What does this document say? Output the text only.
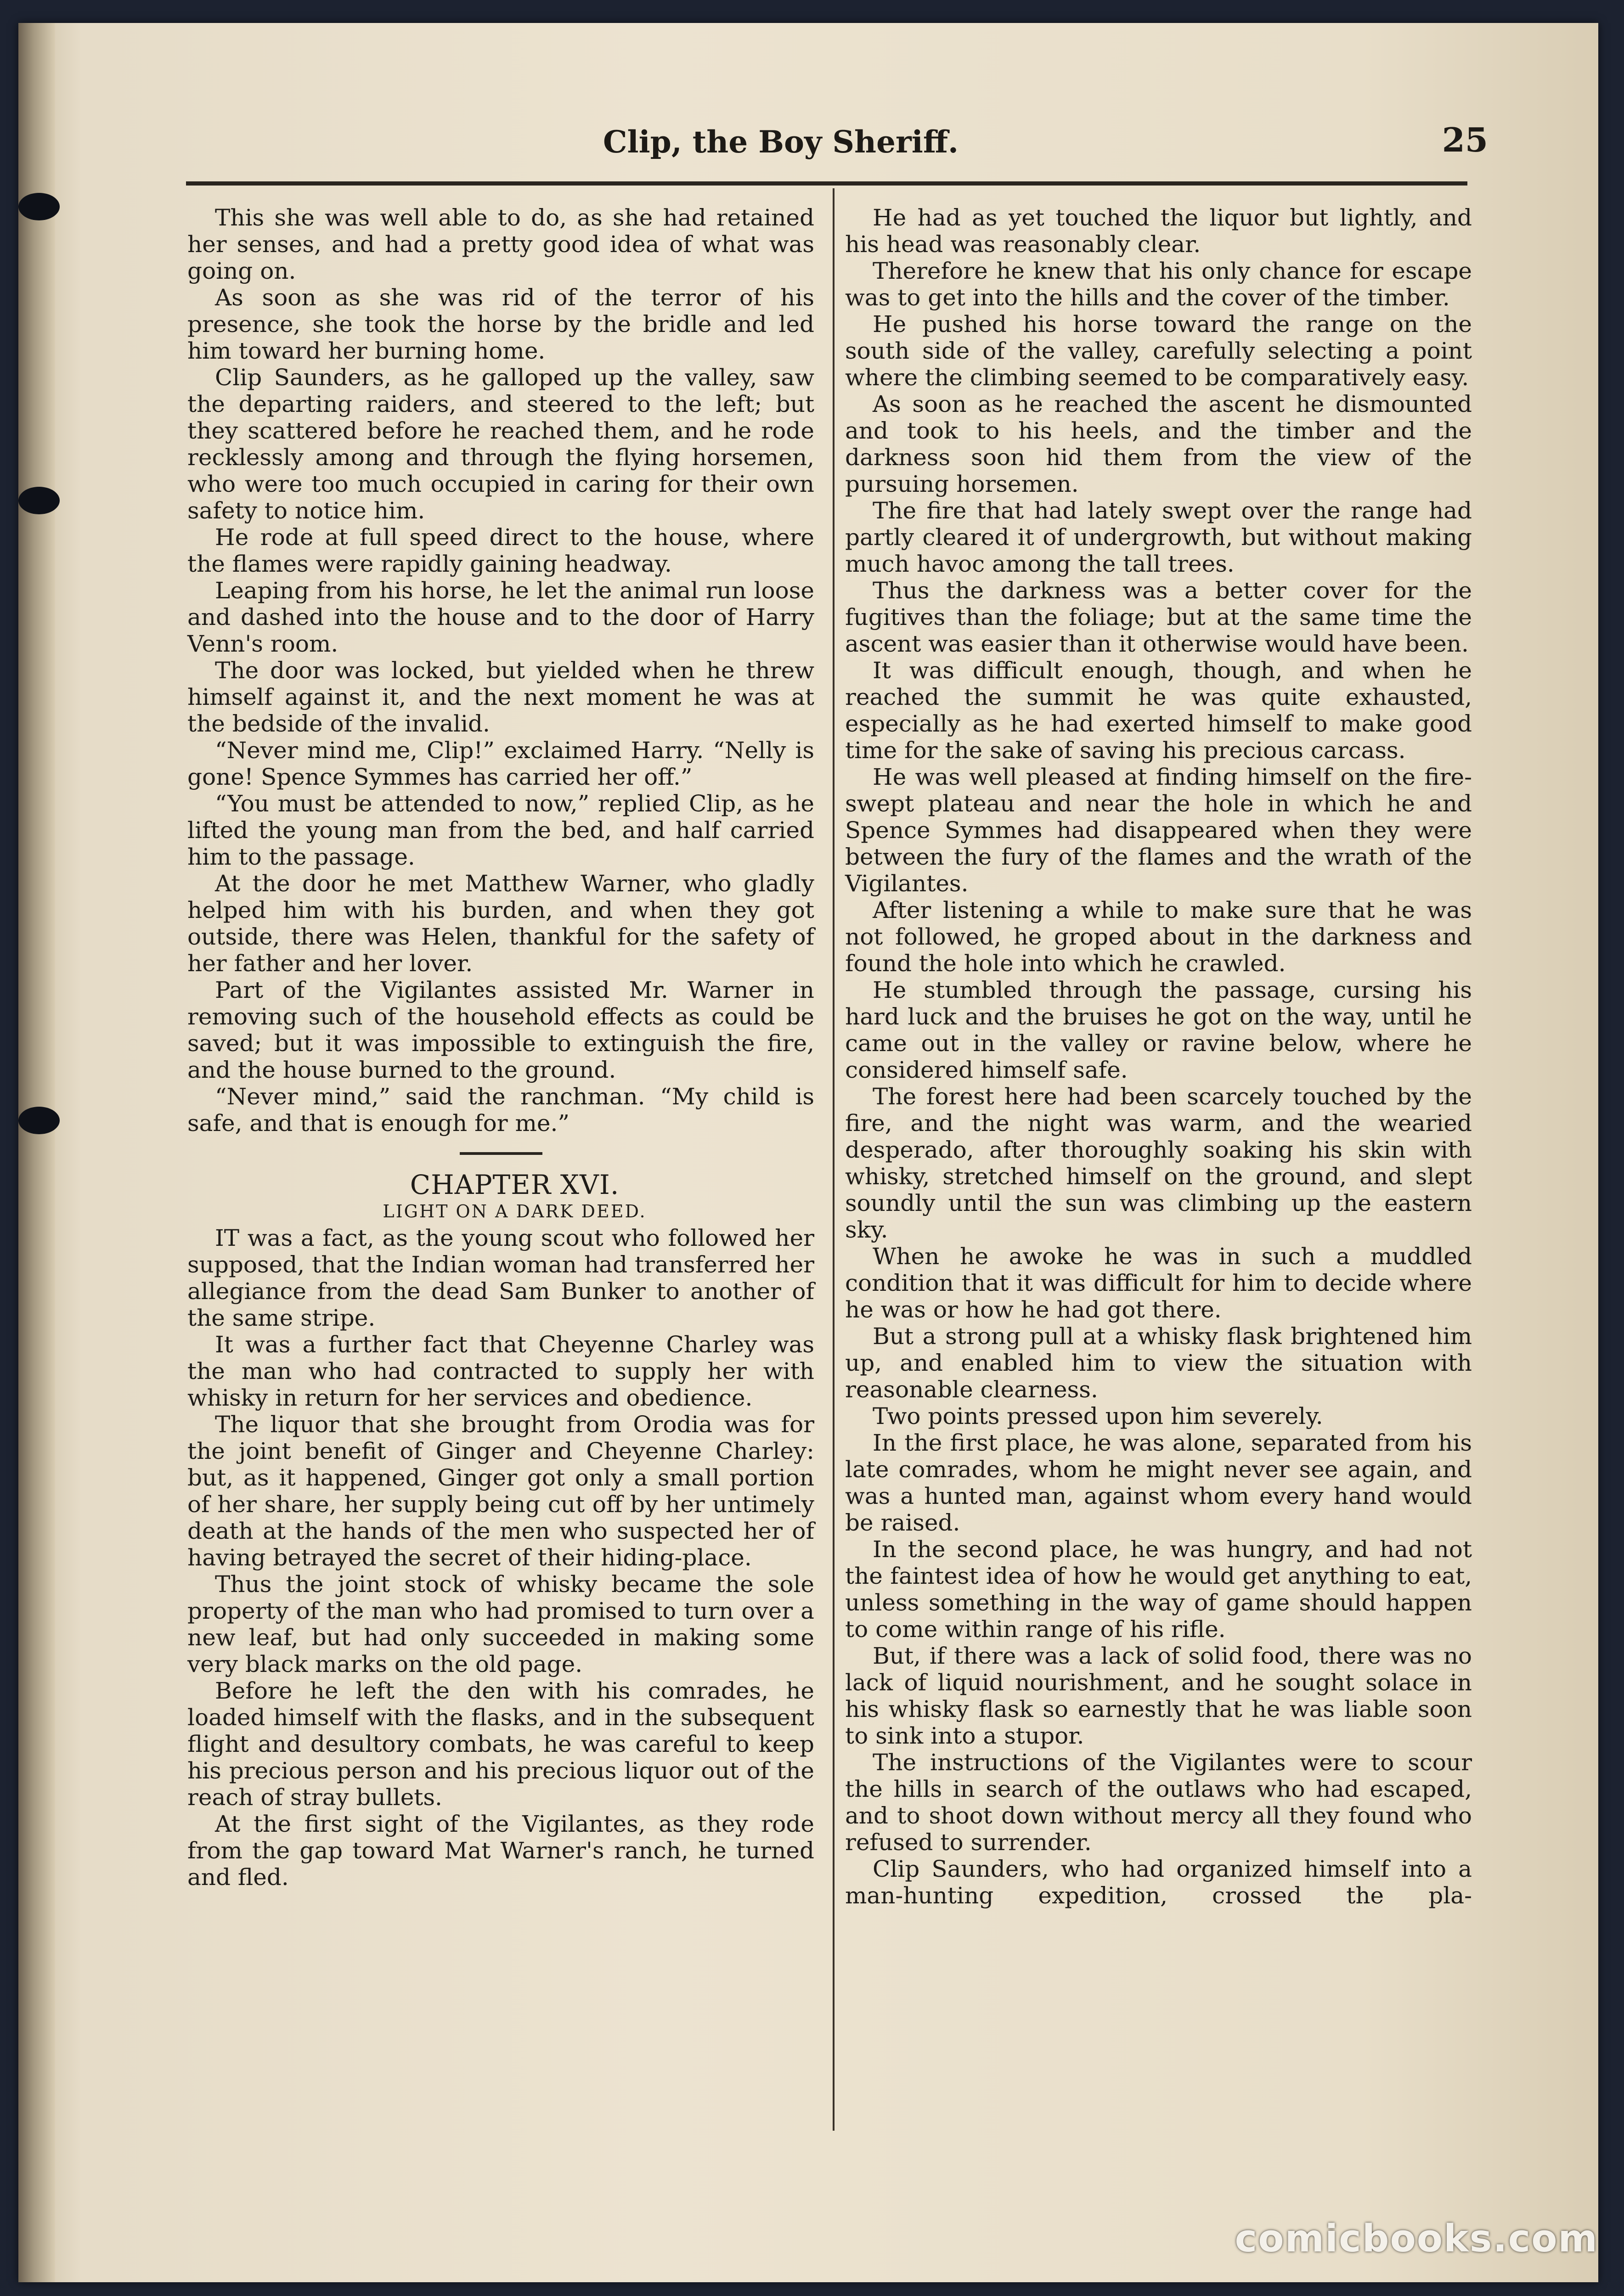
Clip, the Boy Sheriff.	25

This she was well able to do, as she had retained her senses, and had a pretty good idea of what was going on.

As soon as she was rid of the terror of his presence, she took the horse by the bridle and led him toward her burning home.

Clip Saunders, as he galloped up the valley, saw the departing raiders, and steered to the left; but they scattered before he reached them, and he rode recklessly among and through the flying horsemen, who were too much occupied in caring for their own safety to notice him.

He rode at full speed direct to the house, where the flames were rapidly gaining headway.

Leaping from his horse, he let the animal run loose and dashed into the house and to the door of Harry Venn's room.

The door was locked, but yielded when he threw himself against it, and the next moment he was at the bedside of the invalid.

“Never mind me, Clip!” exclaimed Harry. “Nelly is gone! Spence Symmes has carried her off.”

“You must be attended to now,” replied Clip, as he lifted the young man from the bed, and half carried him to the passage.

At the door he met Matthew Warner, who gladly helped him with his burden, and when they got outside, there was Helen, thankful for the safety of her father and her lover.

Part of the Vigilantes assisted Mr. Warner in removing such of the household effects as could be saved; but it was impossible to extinguish the fire, and the house burned to the ground.

“Never mind,” said the ranchman. “My child is safe, and that is enough for me.”

CHAPTER XVI.

LIGHT ON A DARK DEED.

IT was a fact, as the young scout who followed her supposed, that the Indian woman had transferred her allegiance from the dead Sam Bunker to another of the same stripe.

It was a further fact that Cheyenne Charley was the man who had contracted to supply her with whisky in return for her services and obedience.

The liquor that she brought from Orodia was for the joint benefit of Ginger and Cheyenne Charley: but, as it happened, Ginger got only a small portion of her share, her supply being cut off by her untimely death at the hands of the men who suspected her of having betrayed the secret of their hiding-place.

Thus the joint stock of whisky became the sole property of the man who had promised to turn over a new leaf, but had only succeeded in making some very black marks on the old page.

Before he left the den with his comrades, he loaded himself with the flasks, and in the subsequent flight and desultory combats, he was careful to keep his precious person and his precious liquor out of the reach of stray bullets.

At the first sight of the Vigilantes, as they rode from the gap toward Mat Warner's ranch, he turned and fled.

He had as yet touched the liquor but lightly, and his head was reasonably clear.

Therefore he knew that his only chance for escape was to get into the hills and the cover of the timber.

He pushed his horse toward the range on the south side of the valley, carefully selecting a point where the climbing seemed to be comparatively easy.

As soon as he reached the ascent he dismounted and took to his heels, and the timber and the darkness soon hid them from the view of the pursuing horsemen.

The fire that had lately swept over the range had partly cleared it of undergrowth, but without making much havoc among the tall trees.

Thus the darkness was a better cover for the fugitives than the foliage; but at the same time the ascent was easier than it otherwise would have been.

It was difficult enough, though, and when he reached the summit he was quite exhausted, especially as he had exerted himself to make good time for the sake of saving his precious carcass.

He was well pleased at finding himself on the fire-swept plateau and near the hole in which he and Spence Symmes had disappeared when they were between the fury of the flames and the wrath of the Vigilantes.

After listening a while to make sure that he was not followed, he groped about in the darkness and found the hole into which he crawled.

He stumbled through the passage, cursing his hard luck and the bruises he got on the way, until he came out in the valley or ravine below, where he considered himself safe.

The forest here had been scarcely touched by the fire, and the night was warm, and the wearied desperado, after thoroughly soaking his skin with whisky, stretched himself on the ground, and slept soundly until the sun was climbing up the eastern sky.

When he awoke he was in such a muddled condition that it was difficult for him to decide where he was or how he had got there.

But a strong pull at a whisky flask brightened him up, and enabled him to view the situation with reasonable clearness.

Two points pressed upon him severely.

In the first place, he was alone, separated from his late comrades, whom he might never see again, and was a hunted man, against whom every hand would be raised.

In the second place, he was hungry, and had not the faintest idea of how he would get anything to eat, unless something in the way of game should happen to come within range of his rifle.

But, if there was a lack of solid food, there was no lack of liquid nourishment, and he sought solace in his whisky flask so earnestly that he was liable soon to sink into a stupor.

The instructions of the Vigilantes were to scour the hills in search of the outlaws who had escaped, and to shoot down without mercy all they found who refused to surrender.

Clip Saunders, who had organized himself into a man-hunting expedition, crossed the pla-

comicbooks.com
